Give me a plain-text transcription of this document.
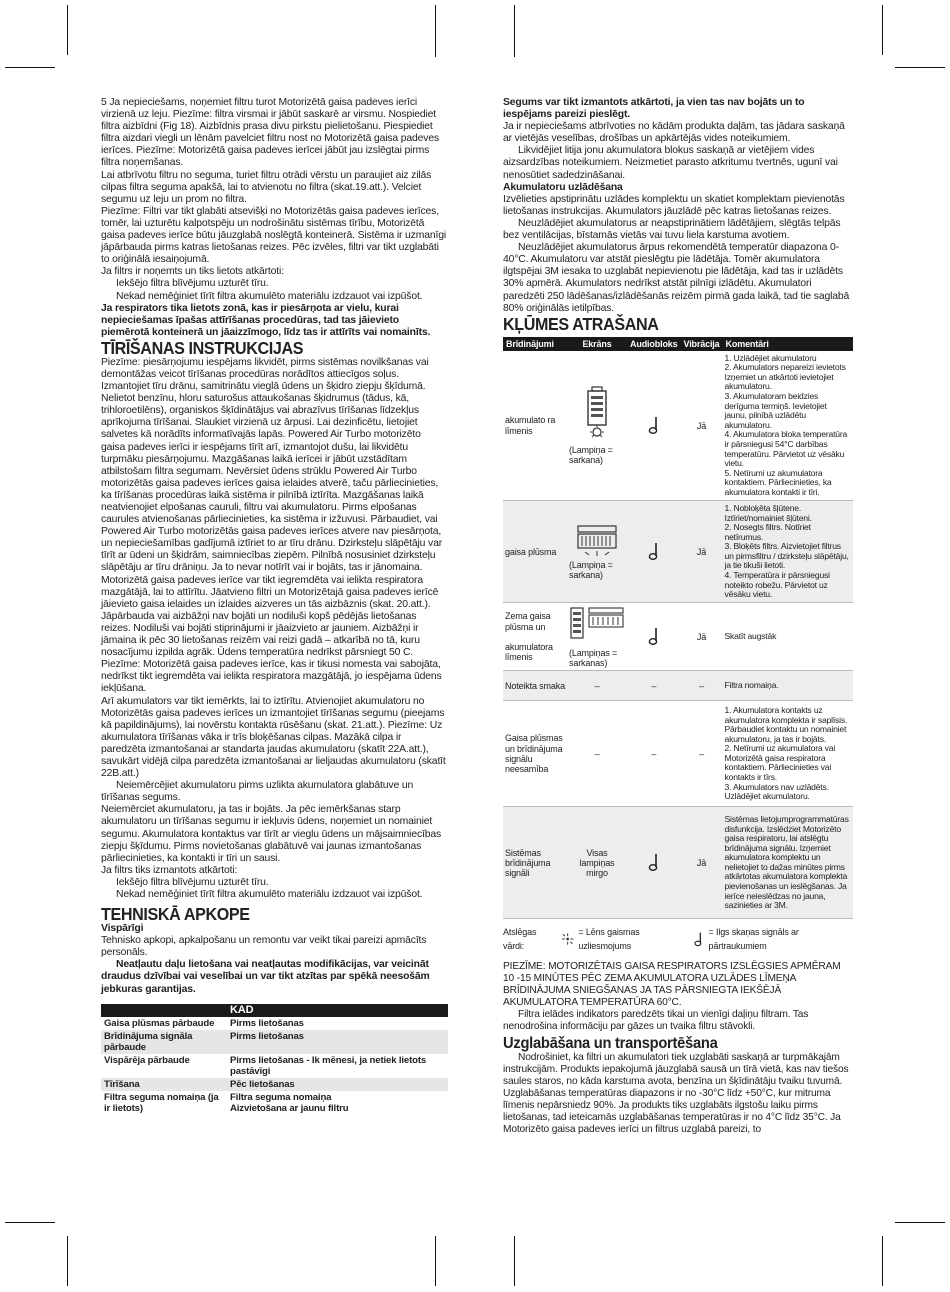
5 Ja nepieciešams, noņemiet filtru turot Motorizētā gaisa padeves ierīci virzienā uz leju. Piezīme: filtra virsmai ir jābūt saskarē ar virsmu. Nospiediet filtra aizbīdni (Fig 18). Aizbīdnis prasa divu pirkstu pielietošanu. Piespiediet filtra aizdari viegli un lēnām pavelciet filtru nost no Motorizētā gaisa padeves ierīces. Piezīme: Motorizētā gaisa padeves ierīcei jābūt jau izslēgtai pirms filtra noņemšanas.

Lai atbrīvotu filtru no seguma, turiet filtru otrādi vērstu un paraujiet aiz zilās cilpas filtra seguma apakšā, lai to atvienotu no filtra (skat.19.att.). Velciet segumu uz leju un prom no filtra.

Piezīme: Filtri var tikt glabāti atsevišķi no Motorizētās gaisa padeves ierīces, tomēr, lai uzturētu kalpotspēju un nodrošinātu sistēmas tīrību, Motorizētā gaisa padeves ierīce būtu jāuzglabā noslēgtā konteinerā. Sistēma ir uzmanīgi jāpārbauda pirms katras lietošanas reizes. Pēc izvēles, filtri var tikt uzglabāti to oriģinālā iesaiņojumā.

Ja filtrs ir noņemts un tiks lietots atkārtoti:

Iekšējo filtra blīvējumu uzturēt tīru.

Nekad nemēģiniet tīrīt filtra akumulēto materiālu izdzauot vai izpūšot.

Ja respirators tika lietots zonā, kas ir piesārņota ar vielu, kurai nepieciešamas īpašas attīrīšanas procedūras, tad tas jāievieto piemērotā konteinerā un jāaizzīmogo, līdz tas ir attīrīts vai nomainīts.

TĪRĪŠANAS INSTRUKCIJAS

Piezīme: piesārņojumu iespējams likvidēt, pirms sistēmas novilkšanas vai demontāžas veicot tīrīšanas procedūras norādītos attiecīgos soļus.

Izmantojiet tīru drānu, samitrinātu vieglā ūdens un šķidro ziepju šķīdumā. Nelietot benzīnu, hloru saturošus attaukošanas šķidrumus (tādus, kā, trihloroetilēns), organiskos šķīdinātājus vai abrazīvus tīrīšanas līdzekļus aprīkojuma tīrīšanai. Slaukiet virzienā uz ārpusi. Lai dezinficētu, lietojiet salvetes kā norādīts informatīvajās lapās. Powered Air Turbo motorizēto gaisa padeves ierīci ir iespējams tīrīt arī, izmantojot dušu, lai likvidētu turpmāku piesārņojumu. Mazgāšanas laikā ierīcei ir jābūt uzstādītam atbilstošam filtra segumam. Nevērsiet ūdens strūklu Powered Air Turbo motorizētās gaisa padeves ierīces gaisa ielaides atverē, taču pārliecinieties, ka tīrīšanas procedūras laikā sistēma ir pilnībā iztīrīta. Mazgāšanas laikā neatvienojiet elpošanas cauruli, filtru vai akumulatoru. Pirms elpošanas caurules atvienošanas pārliecinieties, ka sistēma ir izžuvusi. Pārbaudiet, vai Powered Air Turbo motorizētās gaisa padeves ierīces atvere nav piesārņota, un nepieciešamības gadījumā iztīriet to ar tīru drānu. Dzirksteļu slāpētāju var tīrīt ar ūdeni un šķidrām, saimniecības ziepēm. Pilnībā nosusiniet dzirksteļu slāpētāju ar tīru drāniņu. Ja to nevar notīrīt vai ir bojāts, tas ir jānomaina. Motorizētā gaisa padeves ierīce var tikt iegremdēta vai ielikta respiratora mazgātājā, lai to attīrītu. Jāatvieno filtri un Motorizētajā gaisa padeves ierīcē jāievieto gaisa ielaides un izlaides aizveres un tās aizbāznis (skat. 20.att.). Jāpārbauda vai aizbāžņi nav bojāti un nodiluši kopš pēdējās lietošanas reizes. Nodiluši vai bojāti stiprinājumi ir jāaizvieto ar jauniem. Aizbāžņi ir jāmaina ik pēc 30 lietošanas reizēm vai reizi gadā – atkarībā no tā, kuru nosacījumu izpilda agrāk. Ūdens temperatūra nedrīkst pārsniegt 50 C.

Piezīme: Motorizētā gaisa padeves ierīce, kas ir tikusi nomesta vai sabojāta, nedrīkst tikt iegremdēta vai ielikta respiratora mazgātājā, jo iespējama ūdens iekļūšana.

Arī akumulators var tikt iemērkts, lai to iztīrītu. Atvienojiet akumulatoru no Motorizētās gaisa padeves ierīces un izmantojiet tīrīšanas segumu (pieejams kā papildinājums), lai novērstu kontakta rūsēšanu (skat. 21.att.). Piezīme: Uz akumulatora tīrīšanas vāka ir trīs bloķēšanas cilpas. Mazākā cilpa ir paredzēta izmantošanai ar standarta jaudas akumulatoru (skatīt 22A.att.), savukārt vidējā cilpa paredzēta izmantošanai ar lieljaudas akumulatoru (skatīt 22B.att.)

Neiemērcējiet akumulatoru pirms uzlikta akumulatora glabātuve un tīrīšanas segums.

Neiemērciet akumulatoru, ja tas ir bojāts. Ja pēc iemērkšanas starp akumulatoru un tīrīšanas segumu ir iekļuvis ūdens, noņemiet un nomainiet segumu. Akumulatora kontaktus var tīrīt ar vieglu ūdens un mājsaimniecības ziepju šķīdumu. Pirms novietošanas glabātuvē vai jaunas izmantošanas pārliecinieties, ka kontakti ir tīri un sausi.

Ja filtrs tiks izmantots atkārtoti:

Iekšējo filtra blīvējumu uzturēt tīru.

Nekad nemēģiniet tīrīt filtra akumulēto materiālu izdzauot vai izpūšot.

TEHNISKĀ APKOPE

Vispārīgi

Tehnisko apkopi, apkalpošanu un remontu var veikt tikai pareizi apmācīts personāls.

Neatļautu daļu lietošana vai neatļautas modifikācijas, var veicināt draudus dzīvībai vai veselībai un var tikt atzītas par spēkā neesošām jebkuras garantijas.

	KAD
Gaisa plūsmas pārbaude	Pirms lietošanas
Brīdinājuma signāla pārbaude	Pirms lietošanas
Vispārēja pārbaude	Pirms lietošanas - Ik mēnesi, ja netiek lietots pastāvīgi
Tīrīšana	Pēc lietošanas
Filtra seguma nomaiņa (ja ir lietots)	Filtra seguma nomaiņa
Aizvietošana ar jaunu filtru

Segums var tikt izmantots atkārtoti, ja vien tas nav bojāts un to iespējams pareizi pieslēgt.

Ja ir nepieciešams atbrīvoties no kādām produkta daļām, tas jādara saskaņā ar vietējās veselības, drošības un apkārtējās vides noteikumiem.

Likvidējiet litija jonu akumulatora blokus saskaņā ar vietējiem vides aizsardzības noteikumiem. Neizmetiet parasto atkritumu tvertnēs, ugunī vai nenosūtiet sadedzināšanai.

Akumulatoru uzlādēšana

Izvēlieties apstiprinātu uzlādes komplektu un skatiet komplektam pievienotās lietošanas instrukcijas. Akumulators jāuzlādē pēc katras lietošanas reizes.

Neuzlādējiet akumulatorus ar neapstiprinātiem lādētājiem, slēgtās telpās bez ventilācijas, bīstamās vietās vai tuvu liela karstuma avotiem.

Neuzlādējiet akumulatorus ārpus rekomendētā temperatūr diapazona 0-40°C. Akumulatoru var atstāt pieslēgtu pie lādētāja. Tomēr akumulatora ilgtspējai 3M iesaka to uzglabāt nepievienotu pie lādētāja, kad tas ir uzlādēts 30% apmērā. Akumulators nedrīkst atstāt pilnīgi izlādētu. Akumulatori paredzēti 250 lādēšanas/izlādēšanās reizēm pirmā gada laikā, tad tie saglabā 80% oriģinālās ietilpības.

KĻŪMES ATRAŠANA
Brīdinājumi	Ekrāns	Audiobloks	Vibrācija	Komentāri
akumulato ra līmenis	(Lampiņa = sarkana)		Jā	1. Uzlādējiet akumulatoru
2. Akumulators nepareizi ievietots Izņemiet un atkārtoti ievietojiet akumulatoru.
3. Akumulatoram beidzies derīguma termiņš. Ievietojiet jaunu, pilnībā uzlādētu akumulatoru.
4. Akumulatora bloka temperatūra ir pārsniegusi 54°C darbības temperatūru. Pārvietot uz vēsāku vietu.
5. Netīrumi uz akumulatora kontaktiem. Pārliecinieties, ka akumulatora kontakti ir tīri.

gaisa plūsma	(Lampiņa = sarkana)		Jā	1. Nobloķēta šļūtene. Iztīriet/nomainiet šļūteni.
2. Nosegts filtrs. Notīriet netīrumus.
3. Bloķēts filtrs. Aizvietojiet filtrus un pirmsfiltru / dzirksteļu slāpētāju, ja tie tikuši lietoti.
4. Temperatūra ir pārsniegusi noteikto robežu. Pārvietot uz vēsāku vietu.

Zema gaisa plūsma un
akumulatora līmenis	(Lampiņas = sarkanas)		Jā	Skatīt augstāk

Noteikta smaka	–	–	–	Filtra nomaiņa.

Gaisa plūsmas un brīdinājuma signālu neesamība	–	–	–	1. Akumulatora kontakts uz akumulatora komplekta ir saplīsis. Pārbaudiet kontaktu un nomainiet akumulatoru, ja tas ir bojāts.
2. Netīrumi uz akumulatora vai Motorizētā gaisa respiratora kontaktiem. Pārliecinieties vai kontakts ir tīrs.
3. Akumulators nav uzlādēts. Uzlādējiet akumulatoru.

Sistēmas brīdinājuma signāli	Visas lampiņas mirgo		Jā	Sistēmas lietojumprogrammatūras disfunkcija. Izslēdziet Motorizēto gaisa respiratoru, lai atslēgtu brīdinājuma signālu. Izņemiet akumulatora komplektu un nelietojiet to dažas minūtes pirms atkārtotas akumulatora komplekta pievienošanas un ieslēgšanas. Ja ierīce neieslēdzas no jauna, sazinieties ar 3M.
Atslēgas vārdi:
= Lēns gaismas uzliesmojums
= Ilgs skaņas signāls ar pārtraukumiem

PIEZĪME: MOTORIZĒTAIS GAISA RESPIRATORS IZSLĒGSIES APMĒRAM 10 -15 MINŪTES PĒC ZEMA AKUMULATORA UZLĀDES LĪMEŅA BRĪDINĀJUMA SNIEGŠANAS JA TAS PĀRSNIEGTA IEKŠĒJĀ AKUMULATORA TEMPERATŪRA 60°C.

Filtra ielādes indikators paredzēts tikai un vienīgi daļiņu filtram. Tas nenodrošina informāciju par gāzes un tvaika filtru stāvokli.

Uzglabāšana un transportēšana

Nodrošiniet, ka filtri un akumulatori tiek uzglabāti saskaņā ar turpmākajām instrukcijām. Produkts iepakojumā jāuzglabā sausā un tīrā vietā, kas nav tiešos saules staros, no kāda karstuma avota, benzīna un šķīdinātāju tvaiku tuvumā. Uzglabāšanas temperatūras diapazons ir no -30°C līdz +50°C, kur mitruma līmenis nepārsniedz 90%. Ja produkts tiks uzglabāts ilgstošu laiku pirms lietošanas, tad ieteicamās uzglabāšanas temperatūras ir no 4°C līdz 35°C. Ja Motorizēto gaisa padeves ierīci un filtrus uzglabā pareizi, to
